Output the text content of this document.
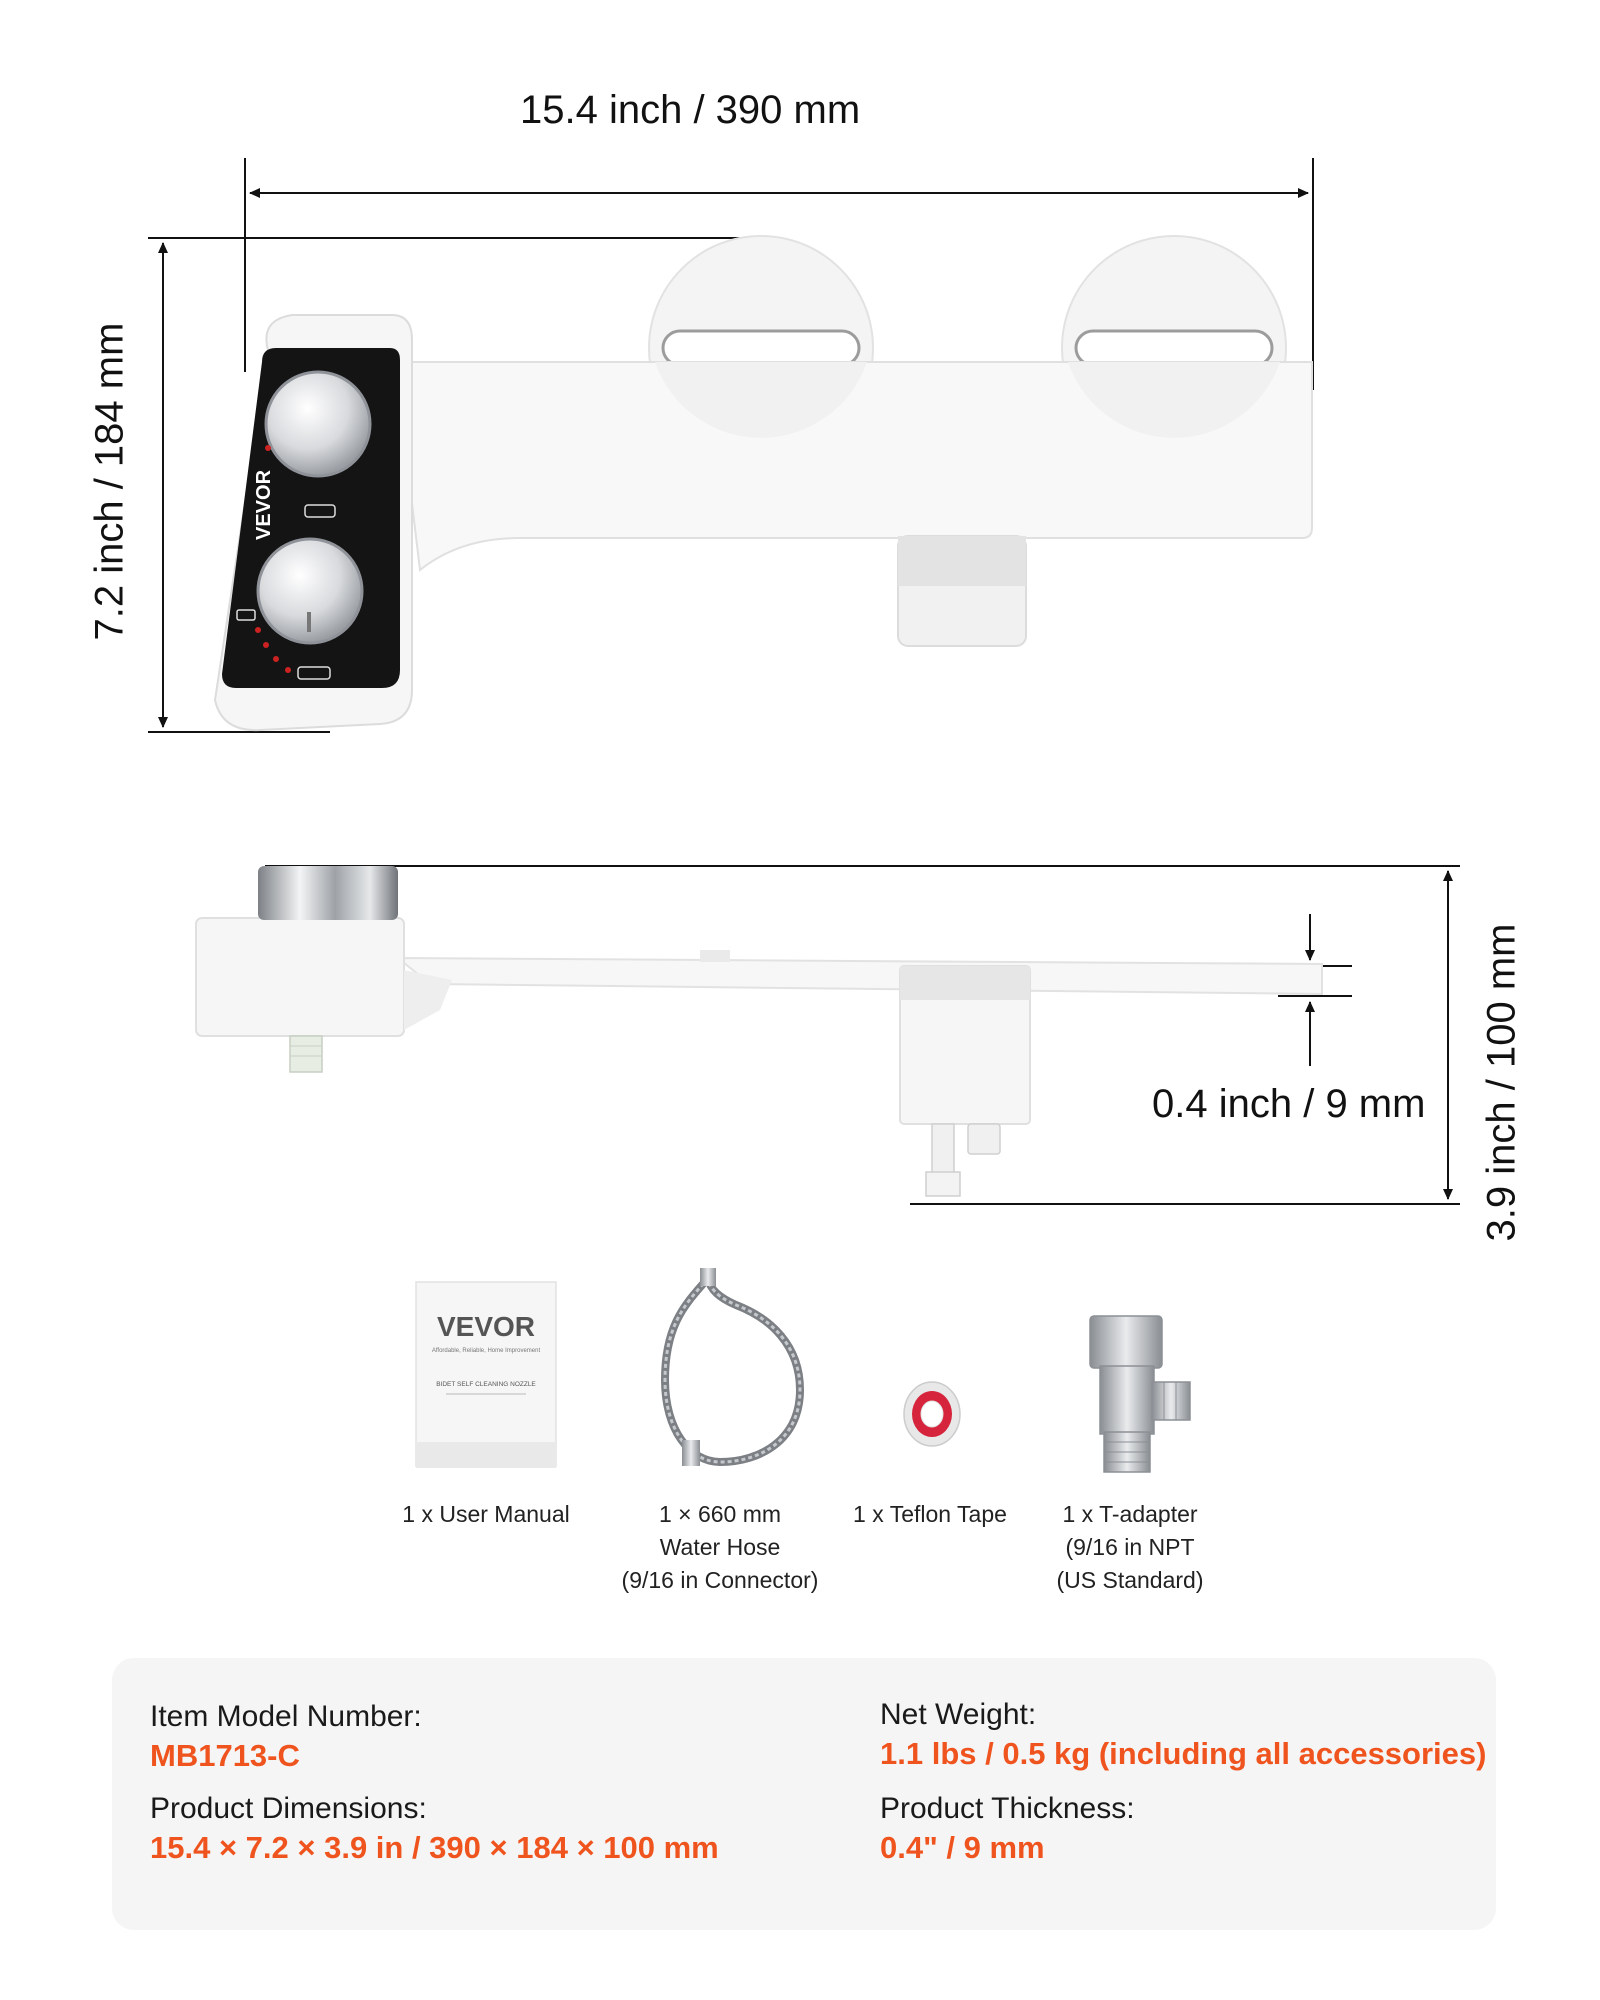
VEVOR
VEVOR
Affordable, Reliable, Home Improvement
BIDET SELF CLEANING NOZZLE
15.4 inch / 390 mm
7.2 inch / 184 mm
0.4 inch / 9 mm 3.9 inch / 100 mm
1 x User Manual	1 × 660 mm
Water Hose
(9/16 in Connector)
1 x Teflon Tape	1 x T-adapter
(9/16 in NPT
(US Standard)
Item Model Number:
MB1713-C
Product Dimensions:
15.4 × 7.2 × 3.9 in / 390 × 184 × 100 mm
Net Weight:
1.1 lbs / 0.5 kg (including all accessories)
Product Thickness:
0.4" / 9 mm
